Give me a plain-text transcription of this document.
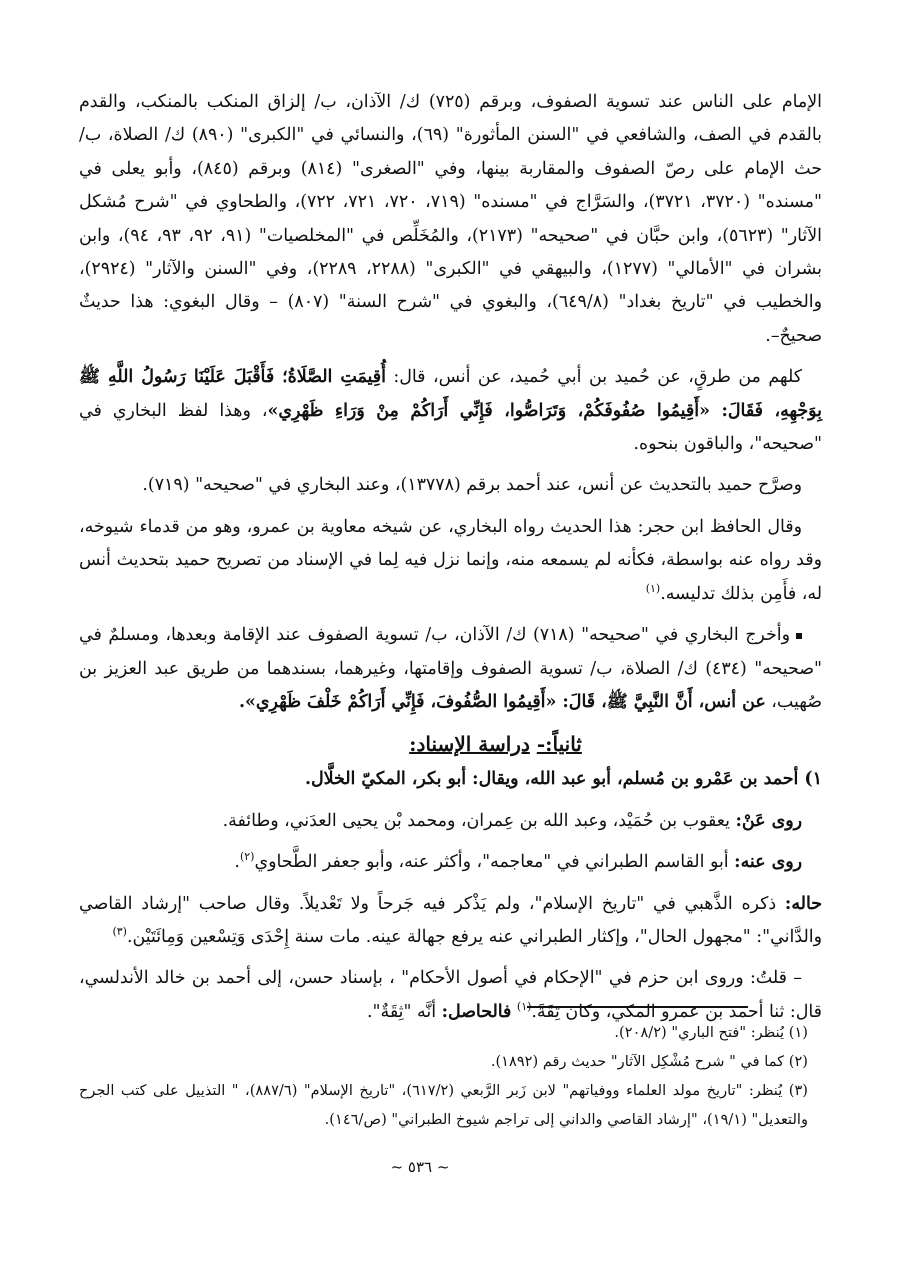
الإمام على الناس عند تسوية الصفوف، وبرقم (٧٢٥) ك/ الآذان، ب/ إلزاق المنكب بالمنكب، والقدم بالقدم في الصف، والشافعي في "السنن المأثورة" (٦٩)، والنسائي في "الكبرى" (٨٩٠) ك/ الصلاة، ب/ حث الإمام على رصّ الصفوف والمقاربة بينها، وفي "الصغرى" (٨١٤) وبرقم (٨٤٥)، وأبو يعلى في "مسنده" (٣٧٢٠، ٣٧٢١)، والسَرَّاج في "مسنده" (٧١٩، ٧٢٠، ٧٢١، ٧٢٢)، والطحاوي في "شرح مُشكل الآثار" (٥٦٢٣)، وابن حبَّان في "صحيحه" (٢١٧٣)، والمُخَلِّص في "المخلصيات" (٩١، ٩٢، ٩٣، ٩٤)، وابن بشران في "الأمالي" (١٢٧٧)، والبيهقي في "الكبرى" (٢٢٨٨، ٢٢٨٩)، وفي "السنن والآثار" (٢٩٢٤)، والخطيب في "تاريخ بغداد" (٦٤٩/٨)، والبغوي في "شرح السنة" (٨٠٧) – وقال البغوي: هذا حديثٌ صحيحٌ–.

كلهم من طرقٍ، عن حُميد بن أبي حُميد، عن أنس، قال: أُقِيمَتِ الصَّلَاةُ؛ فَأَقْبَلَ عَلَيْنَا رَسُولُ اللَّهِ ﷺ بِوَجْهِهِ، فَقَالَ: «أَقِيمُوا صُفُوفَكُمْ، وَتَرَاصُّوا، فَإِنِّي أَرَاكُمْ مِنْ وَرَاءِ ظَهْرِي»، وهذا لفظ البخاري في "صحيحه"، والباقون بنحوه.

وصرَّح حميد بالتحديث عن أنس، عند أحمد برقم (١٣٧٧٨)، وعند البخاري في "صحيحه" (٧١٩).

وقال الحافظ ابن حجر: هذا الحديث رواه البخاري، عن شيخه معاوية بن عمرو، وهو من قدماء شيوخه، وقد رواه عنه بواسطة، فكأنه لم يسمعه منه، وإنما نزل فيه لِما في الإسناد من تصريح حميد بتحديث أنس له، فأَمِن بذلك تدليسه.$^{(١)}$

وأخرج البخاري في "صحيحه" (٧١٨) ك/ الآذان، ب/ تسوية الصفوف عند الإقامة وبعدها، ومسلمٌ في "صحيحه" (٤٣٤) ك/ الصلاة، ب/ تسوية الصفوف وإقامتها، وغيرهما، بسندهما من طريق عبد العزيز بن صُهيب، عن أنس، أَنَّ النَّبِيَّ ﷺ، قَالَ: «أَقِيمُوا الصُّفُوفَ، فَإِنِّي أَرَاكُمْ خَلْفَ ظَهْرِي».

ثانياً:- دراسة الإسناد:

١) أحمد بن عَمْرو بن مُسلم، أبو عبد الله، ويقال: أبو بكر، المكيّ الخلَّال.

روى عَنْ: يعقوب بن حُمَيْد، وعبد الله بن عِمران، ومحمد بْن يحيى العدَني، وطائفة.

روى عنه: أبو القاسم الطبراني في "معاجمه"، وأكثر عنه، وأبو جعفر الطَّحاوي$^{(٢)}$.

حاله: ذكره الذَّهبي في "تاريخ الإسلام"، ولم يَذْكر فيه جَرحاً ولا تَعْديلاً. وقال صاحب "إرشاد القاصي والدَّاني": "مجهول الحال"، وإكثار الطبراني عنه يرفع جهالة عينه. مات سنة إِحْدَى وَتِسْعين وَمِائَتَيْن.$^{(٣)}$

– قلتُ: وروى ابن حزم في "الإحكام في أصول الأحكام" ، بإسناد حسن، إلى أحمد بن خالد الأندلسي، قال: ثنا أحمد بن عمرو المكي، وكان ثِقَةً.$^{(١)}$ فالحاصل: أنَّه "ثِقَةٌ".

(١) يُنظر: "فتح الباري" (٢٠٨/٢).

(٢) كما في " شرح مُشْكِل الآثار" حديث رقم (١٨٩٢).

(٣) يُنظر: "تاريخ مولد العلماء ووفياتهم" لابن زَبر الرَّبعي (٦١٧/٢)، "تاريخ الإسلام" (٨٨٧/٦)، " التذييل على كتب الجرح والتعديل" (١٩/١)، "إرشاد القاصي والداني إلى تراجم شيوخ الطبراني" (ص/١٤٦).

~ ٥٣٦ ~
